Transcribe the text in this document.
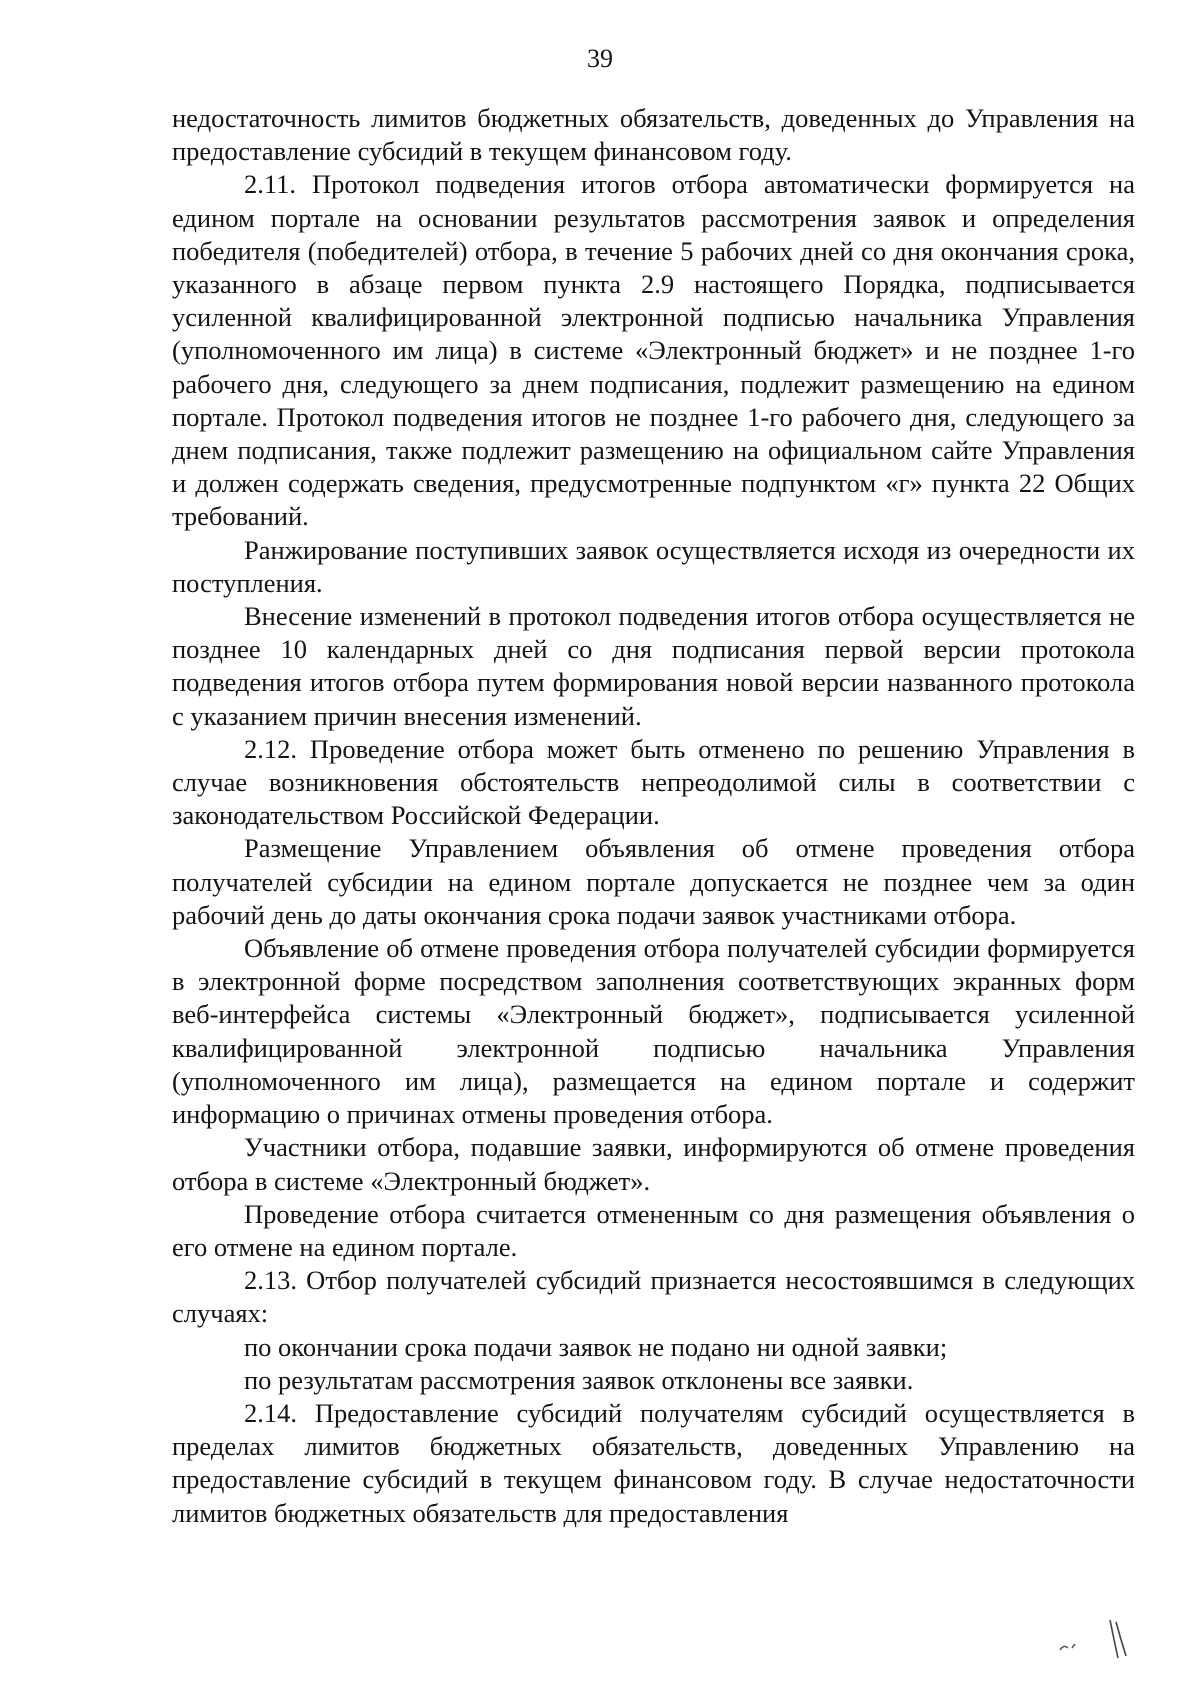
39

недостаточность лимитов бюджетных обязательств, доведенных до Управления на предоставление субсидий в текущем финансовом году.

2.11. Протокол подведения итогов отбора автоматически формируется на едином портале на основании результатов рассмотрения заявок и определения победителя (победителей) отбора, в течение 5 рабочих дней со дня окончания срока, указанного в абзаце первом пункта 2.9 настоящего Порядка, подписывается усиленной квалифицированной электронной подписью начальника Управления (уполномоченного им лица) в системе «Электронный бюджет» и не позднее 1-го рабочего дня, следующего за днем подписания, подлежит размещению на едином портале. Протокол подведения итогов не позднее 1-го рабочего дня, следующего за днем подписания, также подлежит размещению на официальном сайте Управления и должен содержать сведения, предусмотренные подпунктом «г» пункта 22 Общих требований.

Ранжирование поступивших заявок осуществляется исходя из очередности их поступления.

Внесение изменений в протокол подведения итогов отбора осуществляется не позднее 10 календарных дней со дня подписания первой версии протокола подведения итогов отбора путем формирования новой версии названного протокола с указанием причин внесения изменений.

2.12. Проведение отбора может быть отменено по решению Управления в случае возникновения обстоятельств непреодолимой силы в соответствии с законодательством Российской Федерации.

Размещение Управлением объявления об отмене проведения отбора получателей субсидии на едином портале допускается не позднее чем за один рабочий день до даты окончания срока подачи заявок участниками отбора.

Объявление об отмене проведения отбора получателей субсидии формируется в электронной форме посредством заполнения соответствующих экранных форм веб-интерфейса системы «Электронный бюджет», подписывается усиленной квалифицированной электронной подписью начальника Управления (уполномоченного им лица), размещается на едином портале и содержит информацию о причинах отмены проведения отбора.

Участники отбора, подавшие заявки, информируются об отмене проведения отбора в системе «Электронный бюджет».

Проведение отбора считается отмененным со дня размещения объявления о его отмене на едином портале.

2.13. Отбор получателей субсидий признается несостоявшимся в следующих случаях:

по окончании срока подачи заявок не подано ни одной заявки;

по результатам рассмотрения заявок отклонены все заявки.

2.14. Предоставление субсидий получателям субсидий осуществляется в пределах лимитов бюджетных обязательств, доведенных Управлению на предоставление субсидий в текущем финансовом году. В случае недостаточности лимитов бюджетных обязательств для предоставления
